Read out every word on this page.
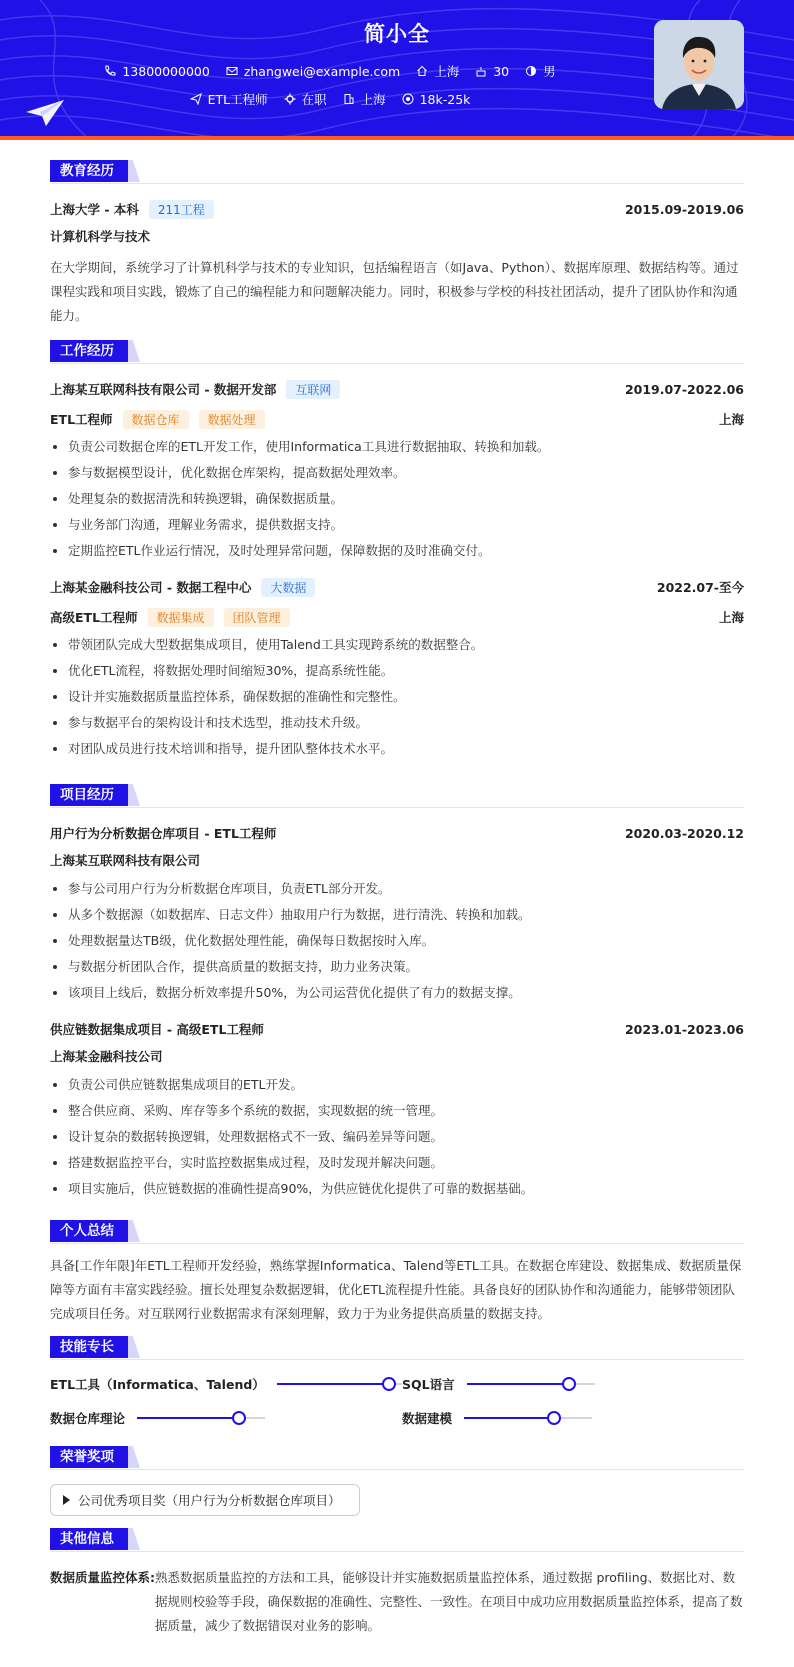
简小全
13800000000	zhangwei@example.com	上海	30	男
ETL工程师	在职	上海	18k-25k
教育经历
上海大学 - 本科	211工程	2015.09-2019.06
计算机科学与技术
在大学期间，系统学习了计算机科学与技术的专业知识，包括编程语言（如Java、Python）、数据库原理、数据结构等。通过课程实践和项目实践，锻炼了自己的编程能力和问题解决能力。同时，积极参与学校的科技社团活动，提升了团队协作和沟通能力。
工作经历
上海某互联网科技有限公司 - 数据开发部	互联网	2019.07-2022.06
ETL工程师	数据仓库	数据处理	上海
负责公司数据仓库的ETL开发工作，使用Informatica工具进行数据抽取、转换和加载。
参与数据模型设计，优化数据仓库架构，提高数据处理效率。
处理复杂的数据清洗和转换逻辑，确保数据质量。
与业务部门沟通，理解业务需求，提供数据支持。
定期监控ETL作业运行情况，及时处理异常问题，保障数据的及时准确交付。
上海某金融科技公司 - 数据工程中心	大数据	2022.07-至今
高级ETL工程师	数据集成	团队管理	上海
带领团队完成大型数据集成项目，使用Talend工具实现跨系统的数据整合。
优化ETL流程，将数据处理时间缩短30%，提高系统性能。
设计并实施数据质量监控体系，确保数据的准确性和完整性。
参与数据平台的架构设计和技术选型，推动技术升级。
对团队成员进行技术培训和指导，提升团队整体技术水平。
项目经历
用户行为分析数据仓库项目 - ETL工程师	2020.03-2020.12
上海某互联网科技有限公司
参与公司用户行为分析数据仓库项目，负责ETL部分开发。
从多个数据源（如数据库、日志文件）抽取用户行为数据，进行清洗、转换和加载。
处理数据量达TB级，优化数据处理性能，确保每日数据按时入库。
与数据分析团队合作，提供高质量的数据支持，助力业务决策。
该项目上线后，数据分析效率提升50%，为公司运营优化提供了有力的数据支撑。
供应链数据集成项目 - 高级ETL工程师	2023.01-2023.06
上海某金融科技公司
负责公司供应链数据集成项目的ETL开发。
整合供应商、采购、库存等多个系统的数据，实现数据的统一管理。
设计复杂的数据转换逻辑，处理数据格式不一致、编码差异等问题。
搭建数据监控平台，实时监控数据集成过程，及时发现并解决问题。
项目实施后，供应链数据的准确性提高90%，为供应链优化提供了可靠的数据基础。
个人总结
具备[工作年限]年ETL工程师开发经验，熟练掌握Informatica、Talend等ETL工具。在数据仓库建设、数据集成、数据质量保障等方面有丰富实践经验。擅长处理复杂数据逻辑，优化ETL流程提升性能。具备良好的团队协作和沟通能力，能够带领团队完成项目任务。对互联网行业数据需求有深刻理解，致力于为业务提供高质量的数据支持。
技能专长
ETL工具（Informatica、Talend）	SQL语言
数据仓库理论	数据建模
荣誉奖项
公司优秀项目奖（用户行为分析数据仓库项目）
其他信息
数据质量监控体系: 熟悉数据质量监控的方法和工具，能够设计并实施数据质量监控体系，通过数据 profiling、数据比对、数据规则校验等手段，确保数据的准确性、完整性、一致性。在项目中成功应用数据质量监控体系，提高了数据质量，减少了数据错误对业务的影响。
